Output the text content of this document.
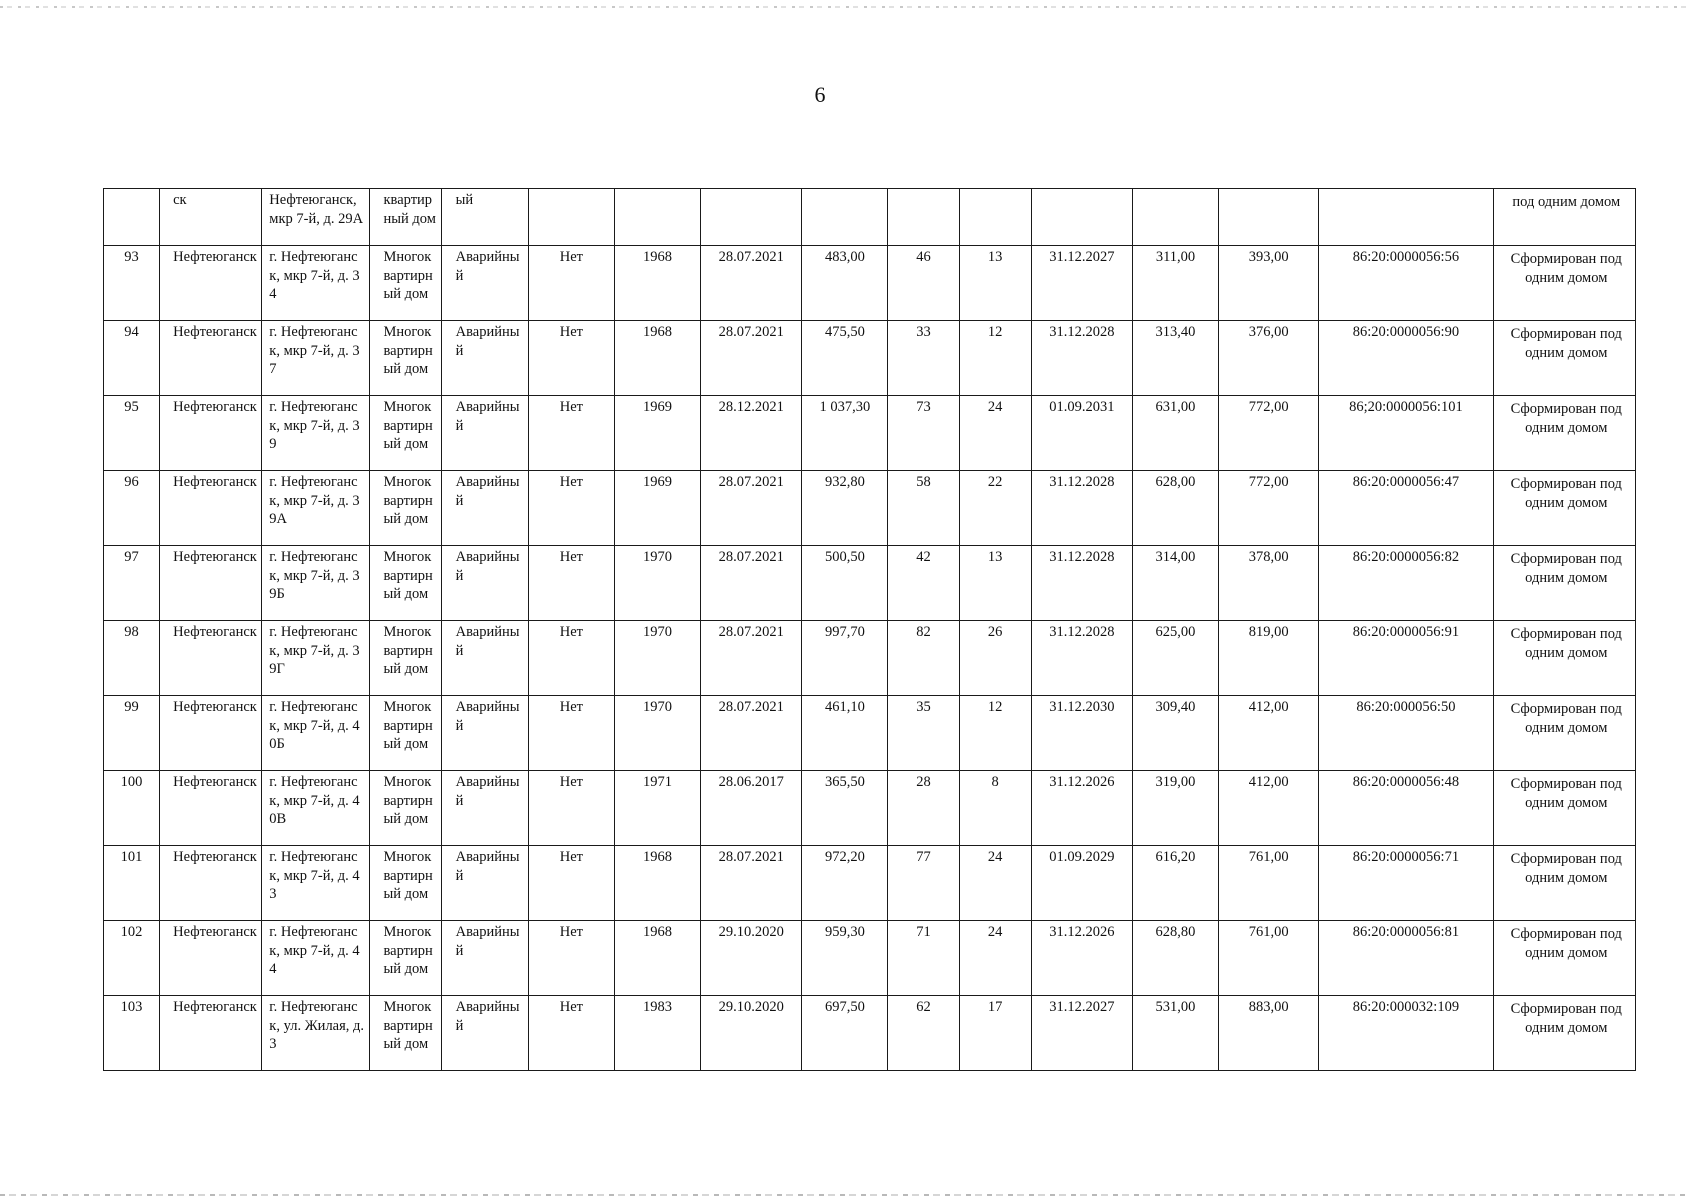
6
	ск	Нефтеюганск, мкр 7-й, д. 29А	квартирный дом	ый											под одним домом
93	Нефтеюганск	г. Нефтеюганск, мкр 7-й, д. 34	Многоквартирный дом	Аварийный	Нет	1968	28.07.2021	483,00	46	13	31.12.2027	311,00	393,00	86:20:0000056:56	Сформирован под одним домом
94	Нефтеюганск	г. Нефтеюганск, мкр 7-й, д. 37	Многоквартирный дом	Аварийный	Нет	1968	28.07.2021	475,50	33	12	31.12.2028	313,40	376,00	86:20:0000056:90	Сформирован под одним домом
95	Нефтеюганск	г. Нефтеюганск, мкр 7-й, д. 39	Многоквартирный дом	Аварийный	Нет	1969	28.12.2021	1 037,30	73	24	01.09.2031	631,00	772,00	86;20:0000056:101	Сформирован под одним домом
96	Нефтеюганск	г. Нефтеюганск, мкр 7-й, д. 39А	Многоквартирный дом	Аварийный	Нет	1969	28.07.2021	932,80	58	22	31.12.2028	628,00	772,00	86:20:0000056:47	Сформирован под одним домом
97	Нефтеюганск	г. Нефтеюганск, мкр 7-й, д. 39Б	Многоквартирный дом	Аварийный	Нет	1970	28.07.2021	500,50	42	13	31.12.2028	314,00	378,00	86:20:0000056:82	Сформирован под одним домом
98	Нефтеюганск	г. Нефтеюганск, мкр 7-й, д. 39Г	Многоквартирный дом	Аварийный	Нет	1970	28.07.2021	997,70	82	26	31.12.2028	625,00	819,00	86:20:0000056:91	Сформирован под одним домом
99	Нефтеюганск	г. Нефтеюганск, мкр 7-й, д. 40Б	Многоквартирный дом	Аварийный	Нет	1970	28.07.2021	461,10	35	12	31.12.2030	309,40	412,00	86:20:000056:50	Сформирован под одним домом
100	Нефтеюганск	г. Нефтеюганск, мкр 7-й, д. 40В	Многоквартирный дом	Аварийный	Нет	1971	28.06.2017	365,50	28	8	31.12.2026	319,00	412,00	86:20:0000056:48	Сформирован под одним домом
101	Нефтеюганск	г. Нефтеюганск, мкр 7-й, д. 43	Многоквартирный дом	Аварийный	Нет	1968	28.07.2021	972,20	77	24	01.09.2029	616,20	761,00	86:20:0000056:71	Сформирован под одним домом
102	Нефтеюганск	г. Нефтеюганск, мкр 7-й, д. 44	Многоквартирный дом	Аварийный	Нет	1968	29.10.2020	959,30	71	24	31.12.2026	628,80	761,00	86:20:0000056:81	Сформирован под одним домом
103	Нефтеюганск	г. Нефтеюганск, ул. Жилая, д. 3	Многоквартирный дом	Аварийный	Нет	1983	29.10.2020	697,50	62	17	31.12.2027	531,00	883,00	86:20:000032:109	Сформирован под одним домом
